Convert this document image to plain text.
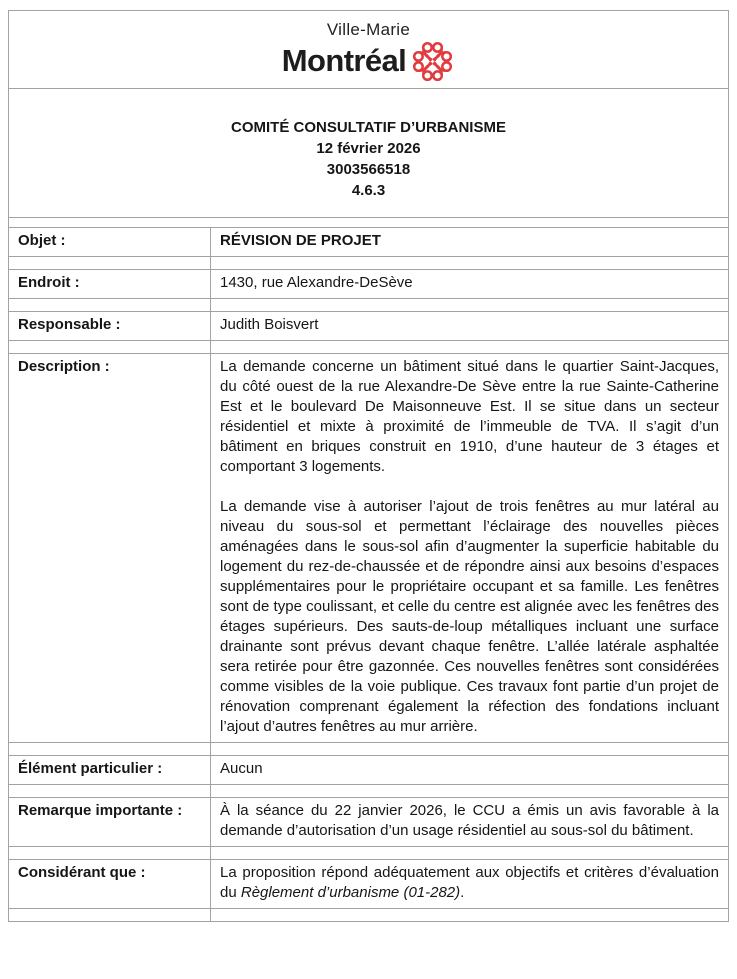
Ville-Marie
Montréal	

COMITÉ CONSULTATIF D’URBANISME
12 février 2026
3003566518
4.6.3	

Objet :	RÉVISION DE PROJET

Endroit :	1430, rue Alexandre-DeSève

Responsable :	Judith Boisvert

Description :	La demande concerne un bâtiment situé dans le quartier Saint-Jacques, du côté ouest de la rue Alexandre-De Sève entre la rue Sainte-Catherine Est et le boulevard De Maisonneuve Est. Il se situe dans un secteur résidentiel et mixte à proximité de l’immeuble de TVA. Il s’agit d’un bâtiment en briques construit en 1910, d’une hauteur de 3 étages et comportant 3 logements.

La demande vise à autoriser l’ajout de trois fenêtres au mur latéral au niveau du sous-sol et permettant l’éclairage des nouvelles pièces aménagées dans le sous-sol afin d’augmenter la superficie habitable du logement du rez-de-chaussée et de répondre ainsi aux besoins d’espaces supplémentaires pour le propriétaire occupant et sa famille. Les fenêtres sont de type coulissant, et celle du centre est alignée avec les fenêtres des étages supérieurs. Des sauts-de-loup métalliques incluant une surface drainante sont prévus devant chaque fenêtre. L’allée latérale asphaltée sera retirée pour être gazonnée. Ces nouvelles fenêtres sont considérées comme visibles de la voie publique. Ces travaux font partie d’un projet de rénovation comprenant également la réfection des fondations incluant l’ajout d’autres fenêtres au mur arrière.

Élément particulier :	Aucun

Remarque importante :	À la séance du 22 janvier 2026, le CCU a émis un avis favorable à la demande d’autorisation d’un usage résidentiel au sous-sol du bâtiment.

Considérant que :	La proposition répond adéquatement aux objectifs et critères d’évaluation du Règlement d’urbanisme (01-282).
